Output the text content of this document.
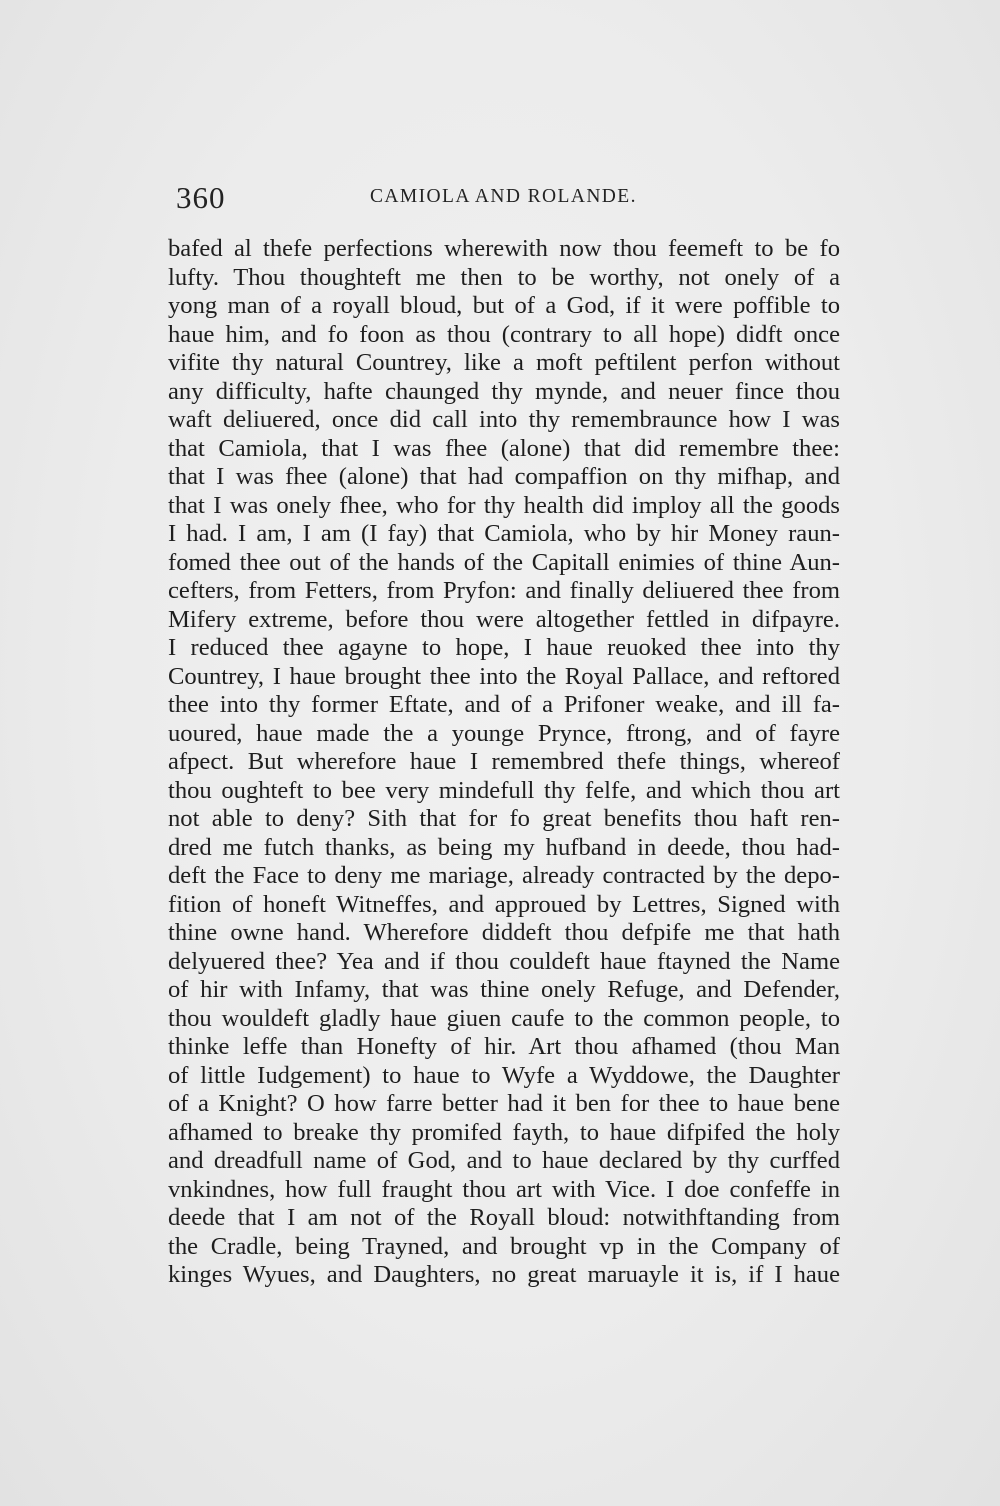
360	CAMIOLA AND ROLANDE.
bafed al thefe perfections wherewith now thou feemeft to be fo
lufty. Thou thoughteft me then to be worthy, not onely of a
yong man of a royall bloud, but of a God, if it were poffible to
haue him, and fo foon as thou (contrary to all hope) didft once
vifite thy natural Countrey, like a moft peftilent perfon without
any difficulty, hafte chaunged thy mynde, and neuer fince thou
waft deliuered, once did call into thy remembraunce how I was
that Camiola, that I was fhee (alone) that did remembre thee:
that I was fhee (alone) that had compaffion on thy mifhap, and
that I was onely fhee, who for thy health did imploy all the goods
I had. I am, I am (I fay) that Camiola, who by hir Money raun-
fomed thee out of the hands of the Capitall enimies of thine Aun-
cefters, from Fetters, from Pryfon: and finally deliuered thee from
Mifery extreme, before thou were altogether fettled in difpayre.
I reduced thee agayne to hope, I haue reuoked thee into thy
Countrey, I haue brought thee into the Royal Pallace, and reftored
thee into thy former Eftate, and of a Prifoner weake, and ill fa-
uoured, haue made the a younge Prynce, ftrong, and of fayre
afpect. But wherefore haue I remembred thefe things, whereof
thou oughteft to bee very mindefull thy felfe, and which thou art
not able to deny? Sith that for fo great benefits thou haft ren-
dred me futch thanks, as being my hufband in deede, thou had-
deft the Face to deny me mariage, already contracted by the depo-
fition of honeft Witneffes, and approued by Lettres, Signed with
thine owne hand. Wherefore diddeft thou defpife me that hath
delyuered thee? Yea and if thou couldeft haue ftayned the Name
of hir with Infamy, that was thine onely Refuge, and Defender,
thou wouldeft gladly haue giuen caufe to the common people, to
thinke leffe than Honefty of hir. Art thou afhamed (thou Man
of little Iudgement) to haue to Wyfe a Wyddowe, the Daughter
of a Knight? O how farre better had it ben for thee to haue bene
afhamed to breake thy promifed fayth, to haue difpifed the holy
and dreadfull name of God, and to haue declared by thy curffed
vnkindnes, how full fraught thou art with Vice. I doe confeffe in
deede that I am not of the Royall bloud: notwithftanding from
the Cradle, being Trayned, and brought vp in the Company of
kinges Wyues, and Daughters, no great maruayle it is, if I haue
